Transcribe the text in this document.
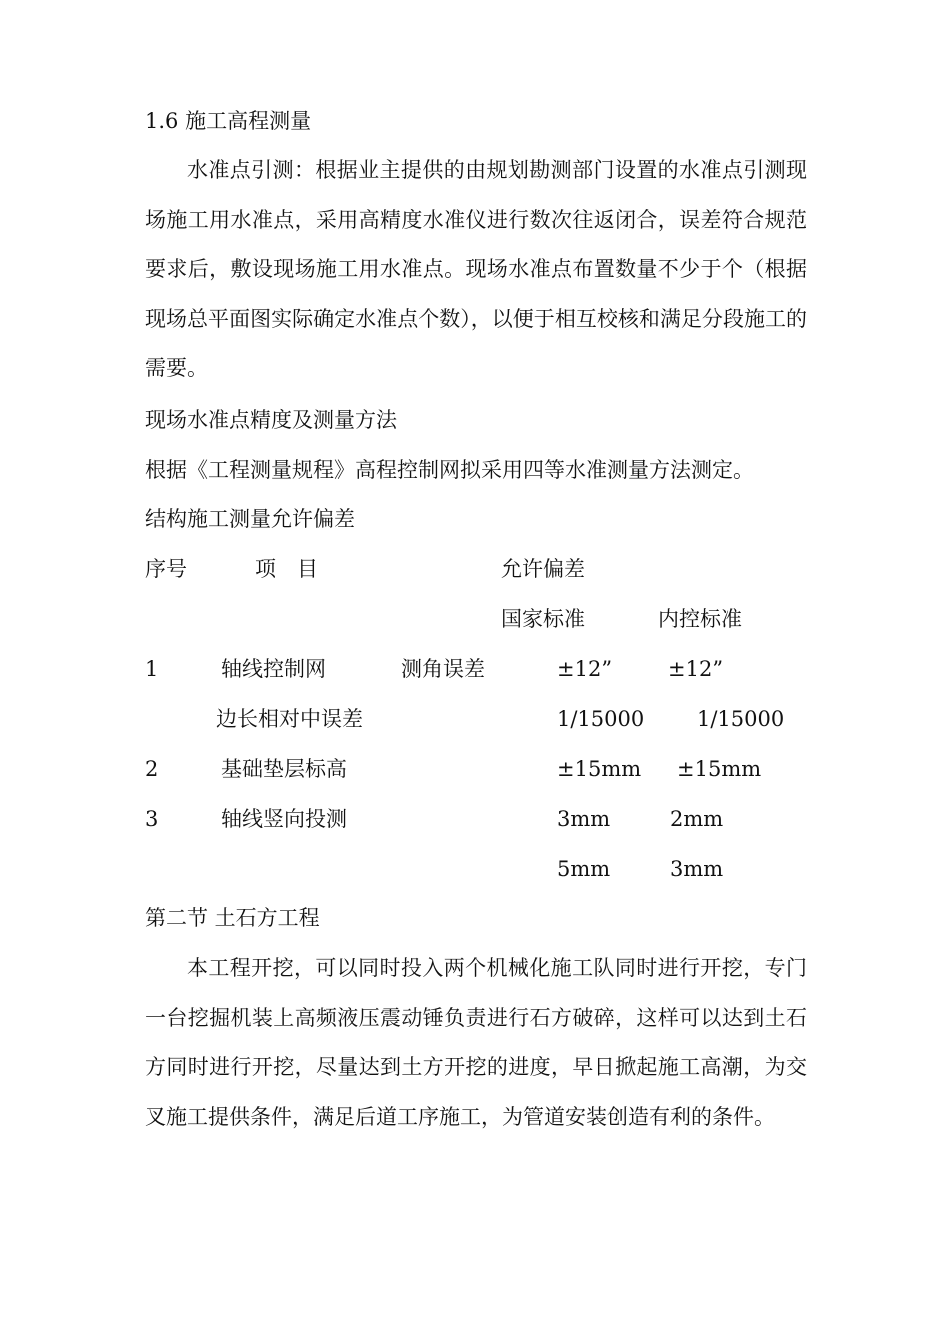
1.6 施工高程测量

水准点引测：根据业主提供的由规划勘测部门设置的水准点引测现场施工用水准点，采用高精度水准仪进行数次往返闭合，误差符合规范要求后，敷设现场施工用水准点。现场水准点布置数量不少于个（根据现场总平面图实际确定水准点个数），以便于相互校核和满足分段施工的需要。

现场水准点精度及测量方法

根据《工程测量规程》高程控制网拟采用四等水准测量方法测定。

结构施工测量允许偏差

序号	项　目	允许偏差
国家标准	内控标准
1	轴线控制网	测角误差	±12”	±12”
边长相对中误差	1/15000	1/15000
2	基础垫层标高	±15mm ±15mm
3	轴线竖向投测	3mm	2mm
5mm	3mm

第二节 土石方工程

本工程开挖，可以同时投入两个机械化施工队同时进行开挖，专门一台挖掘机装上高频液压震动锤负责进行石方破碎，这样可以达到土石方同时进行开挖，尽量达到土方开挖的进度，早日掀起施工高潮，为交叉施工提供条件，满足后道工序施工，为管道安装创造有利的条件。
